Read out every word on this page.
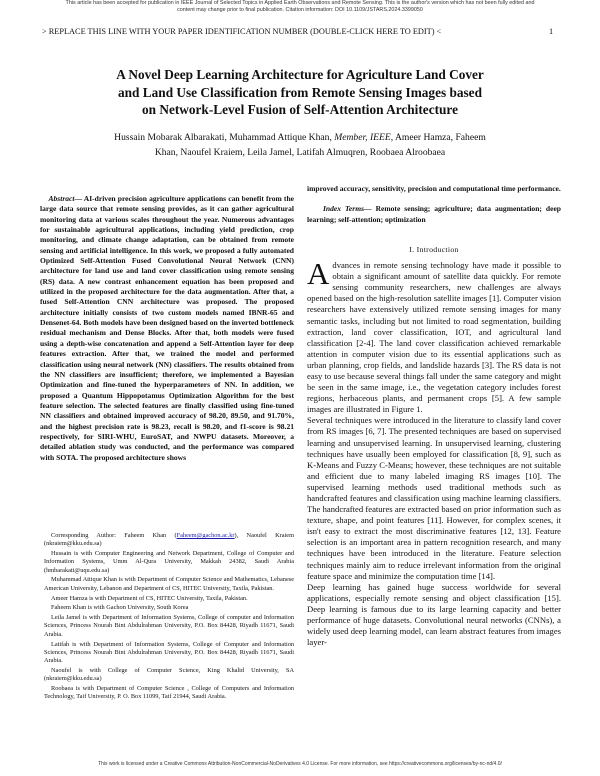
This article has been accepted for publication in IEEE Journal of Selected Topics in Applied Earth Observations and Remote Sensing. This is the author's version which has not been fully edited and
content may change prior to final publication. Citation information: DOI 10.1109/JSTARS.2024.3399050
> REPLACE THIS LINE WITH YOUR PAPER IDENTIFICATION NUMBER (DOUBLE-CLICK HERE TO EDIT) <	1
A Novel Deep Learning Architecture for Agriculture Land Cover
and Land Use Classification from Remote Sensing Images based
on Network-Level Fusion of Self-Attention Architecture
Hussain Mobarak Albarakati, Muhammad Attique Khan, Member, IEEE, Ameer Hamza, Faheem
Khan, Naoufel Kraiem, Leila Jamel, Latifah Almuqren, Roobaea Alroobaea

Abstract— AI-driven precision agriculture applications can benefit from the large data source that remote sensing provides, as it can gather agricultural monitoring data at various scales throughout the year. Numerous advantages for sustainable agricultural applications, including yield prediction, crop monitoring, and climate change adaptation, can be obtained from remote sensing and artificial intelligence. In this work, we proposed a fully automated Optimized Self-Attention Fused Convolutional Neural Network (CNN) architecture for land use and land cover classification using remote sensing (RS) data. A new contrast enhancement equation has been proposed and utilized in the proposed architecture for the data augmentation. After that, a fused Self-Attention CNN architecture was proposed. The proposed architecture initially consists of two custom models named IBNR-65 and Densenet-64. Both models have been designed based on the inverted bottleneck residual mechanism and Dense Blocks. After that, both models were fused using a depth-wise concatenation and append a Self-Attention layer for deep features extraction. After that, we trained the model and performed classification using neural network (NN) classifiers. The results obtained from the NN classifiers are insufficient; therefore, we implemented a Bayesian Optimization and fine-tuned the hyperparameters of NN. In addition, we proposed a Quantum Hippopotamus Optimization Algorithm for the best feature selection. The selected features are finally classified using fine-tuned NN classifiers and obtained improved accuracy of 98.20, 89.50, and 91.70%, and the highest precision rate is 98.23, recall is 98.20, and f1-score is 98.21 respectively, for SIRI-WHU, EuroSAT, and NWPU datasets. Moreover, a detailed ablation study was conducted, and the performance was compared with SOTA. The proposed architecture shows

Corresponding Author: Faheem Khan (Faheem@gachon.ac.kr), Naoufel Kraiem (nkraiem@kku.edu.sa)

Hussain is with Computer Engineering and Network Department, College of Computer and Information Systems, Umm Al-Qura University, Makkah 24382, Saudi Arabia (hmbarakati@uqu.edu.sa)

Muhammad Attique Khan is with Department of Computer Science and Mathematics, Lebanese American University, Lebanon and Department of CS, HITEC University, Taxila, Pakistan.

Ameer Hamza is with Department of CS, HITEC University, Taxila, Pakistan.

Faheem Khan is with Gachon University, South Korea

Leila Jamel is with Department of Information Systems, College of computer and Information Sciences, Princess Nourah Bint Abdulrahman University, P.O. Box 84428, Riyadh 11671, Saudi Arabia.

Latifah is with Department of Information Systems, College of Computer and Information Sciences, Princess Nourah Bint Abdulrahman University, P.O. Box 84428, Riyadh 11671, Saudi Arabia.

Naoufel is with College of Computer Science, King Khalid University, SA (nkraiem@kku.edu.sa)

Roobaea is with Department of Computer Science , College of Computers and Information Technology, Taif University, P. O. Box 11099, Taif 21944, Saudi Arabia.

improved accuracy, sensitivity, precision and computational time performance.

Index Terms— Remote sensing; agriculture; data augmentation; deep learning; self-attention; optimization

I. Introduction

Advances in remote sensing technology have made it possible to obtain a significant amount of satellite data quickly. For remote sensing community researchers, new challenges are always opened based on the high-resolution satellite images [1]. Computer vision researchers have extensively utilized remote sensing images for many semantic tasks, including but not limited to road segmentation, building extraction, land cover classification, IOT, and agricultural land classification [2-4]. The land cover classification achieved remarkable attention in computer vision due to its essential applications such as urban planning, crop fields, and landslide hazards [3]. The RS data is not easy to use because several things fall under the same category and might be seen in the same image, i.e., the vegetation category includes forest regions, herbaceous plants, and permanent crops [5]. A few sample images are illustrated in Figure 1.

Several techniques were introduced in the literature to classify land cover from RS images [6, 7]. The presented techniques are based on supervised learning and unsupervised learning. In unsupervised learning, clustering techniques have usually been employed for classification [8, 9], such as K-Means and Fuzzy C-Means; however, these techniques are not suitable and efficient due to many labeled imaging RS images [10]. The supervised learning methods used traditional methods such as handcrafted features and classification using machine learning classifiers. The handcrafted features are extracted based on prior information such as texture, shape, and point features [11]. However, for complex scenes, it isn't easy to extract the most discriminative features [12, 13]. Feature selection is an important area in pattern recognition research, and many techniques have been introduced in the literature. Feature selection techniques mainly aim to reduce irrelevant information from the original feature space and minimize the computation time [14].

Deep learning has gained huge success worldwide for several applications, especially remote sensing and object classification [15]. Deep learning is famous due to its large learning capacity and better performance of huge datasets. Convolutional neural networks (CNNs), a widely used deep learning model, can learn abstract features from images layer-

This work is licensed under a Creative Commons Attribution-NonCommercial-NoDerivatives 4.0 License. For more information, see https://creativecommons.org/licenses/by-nc-nd/4.0/
